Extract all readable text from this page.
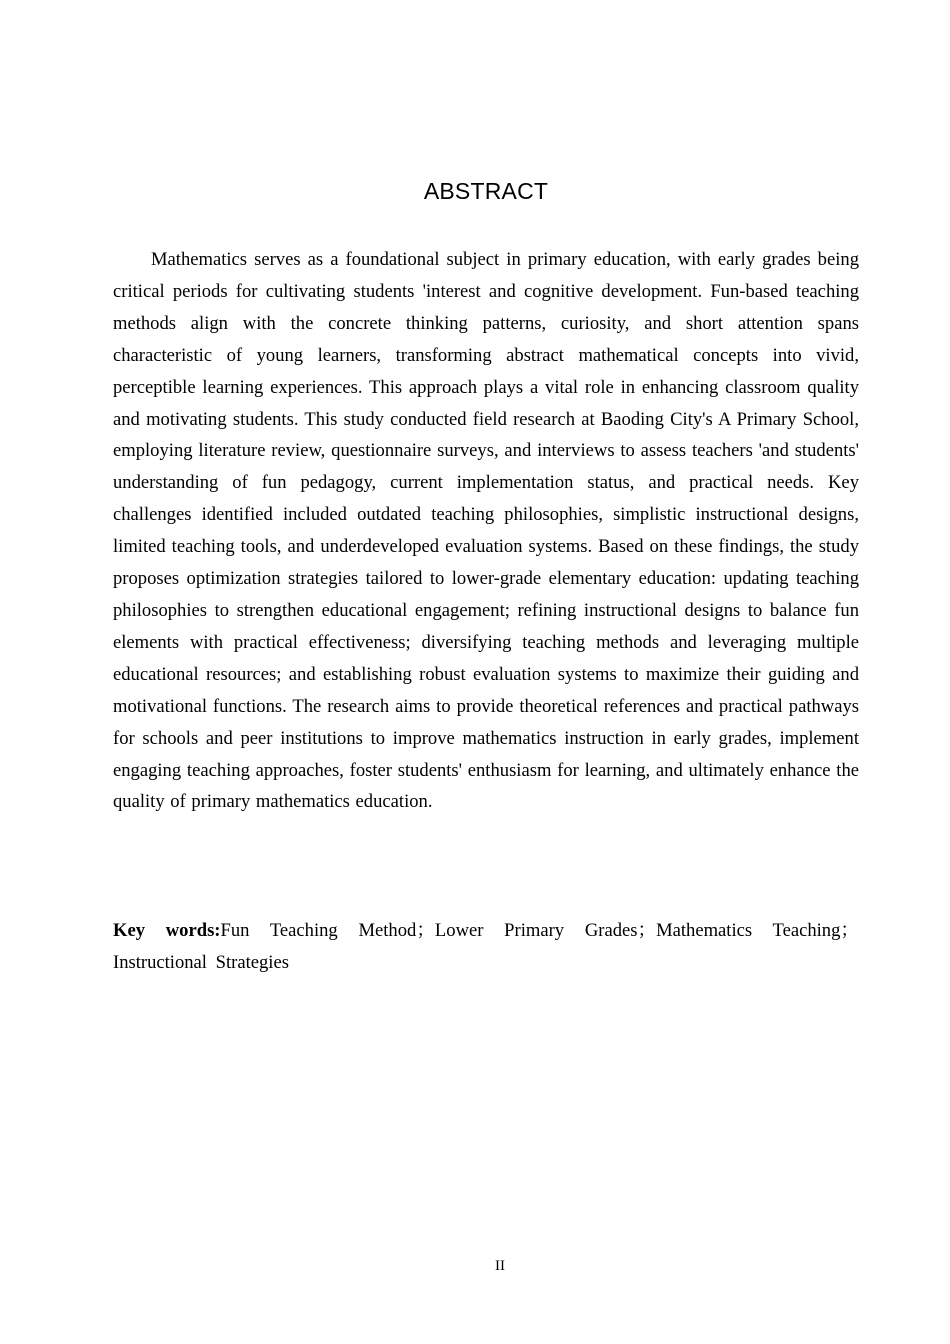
ABSTRACT

Mathematics serves as a foundational subject in primary education, with early grades being critical periods for cultivating students 'interest and cognitive development. Fun-based teaching methods align with the concrete thinking patterns, curiosity, and short attention spans characteristic of young learners, transforming abstract mathematical concepts into vivid, perceptible learning experiences. This approach plays a vital role in enhancing classroom quality and motivating students. This study conducted field research at Baoding City's A Primary School, employing literature review, questionnaire surveys, and interviews to assess teachers 'and students' understanding of fun pedagogy, current implementation status, and practical needs. Key challenges identified included outdated teaching philosophies, simplistic instructional designs, limited teaching tools, and underdeveloped evaluation systems. Based on these findings, the study proposes optimization strategies tailored to lower-grade elementary education: updating teaching philosophies to strengthen educational engagement; refining instructional designs to balance fun elements with practical effectiveness; diversifying teaching methods and leveraging multiple educational resources; and establishing robust evaluation systems to maximize their guiding and motivational functions. The research aims to provide theoretical references and practical pathways for schools and peer institutions to improve mathematics instruction in early grades, implement engaging teaching approaches, foster students' enthusiasm for learning, and ultimately enhance the quality of primary mathematics education.

Key words:Fun Teaching Method；Lower Primary Grades；Mathematics Teaching；Instructional Strategies

II
